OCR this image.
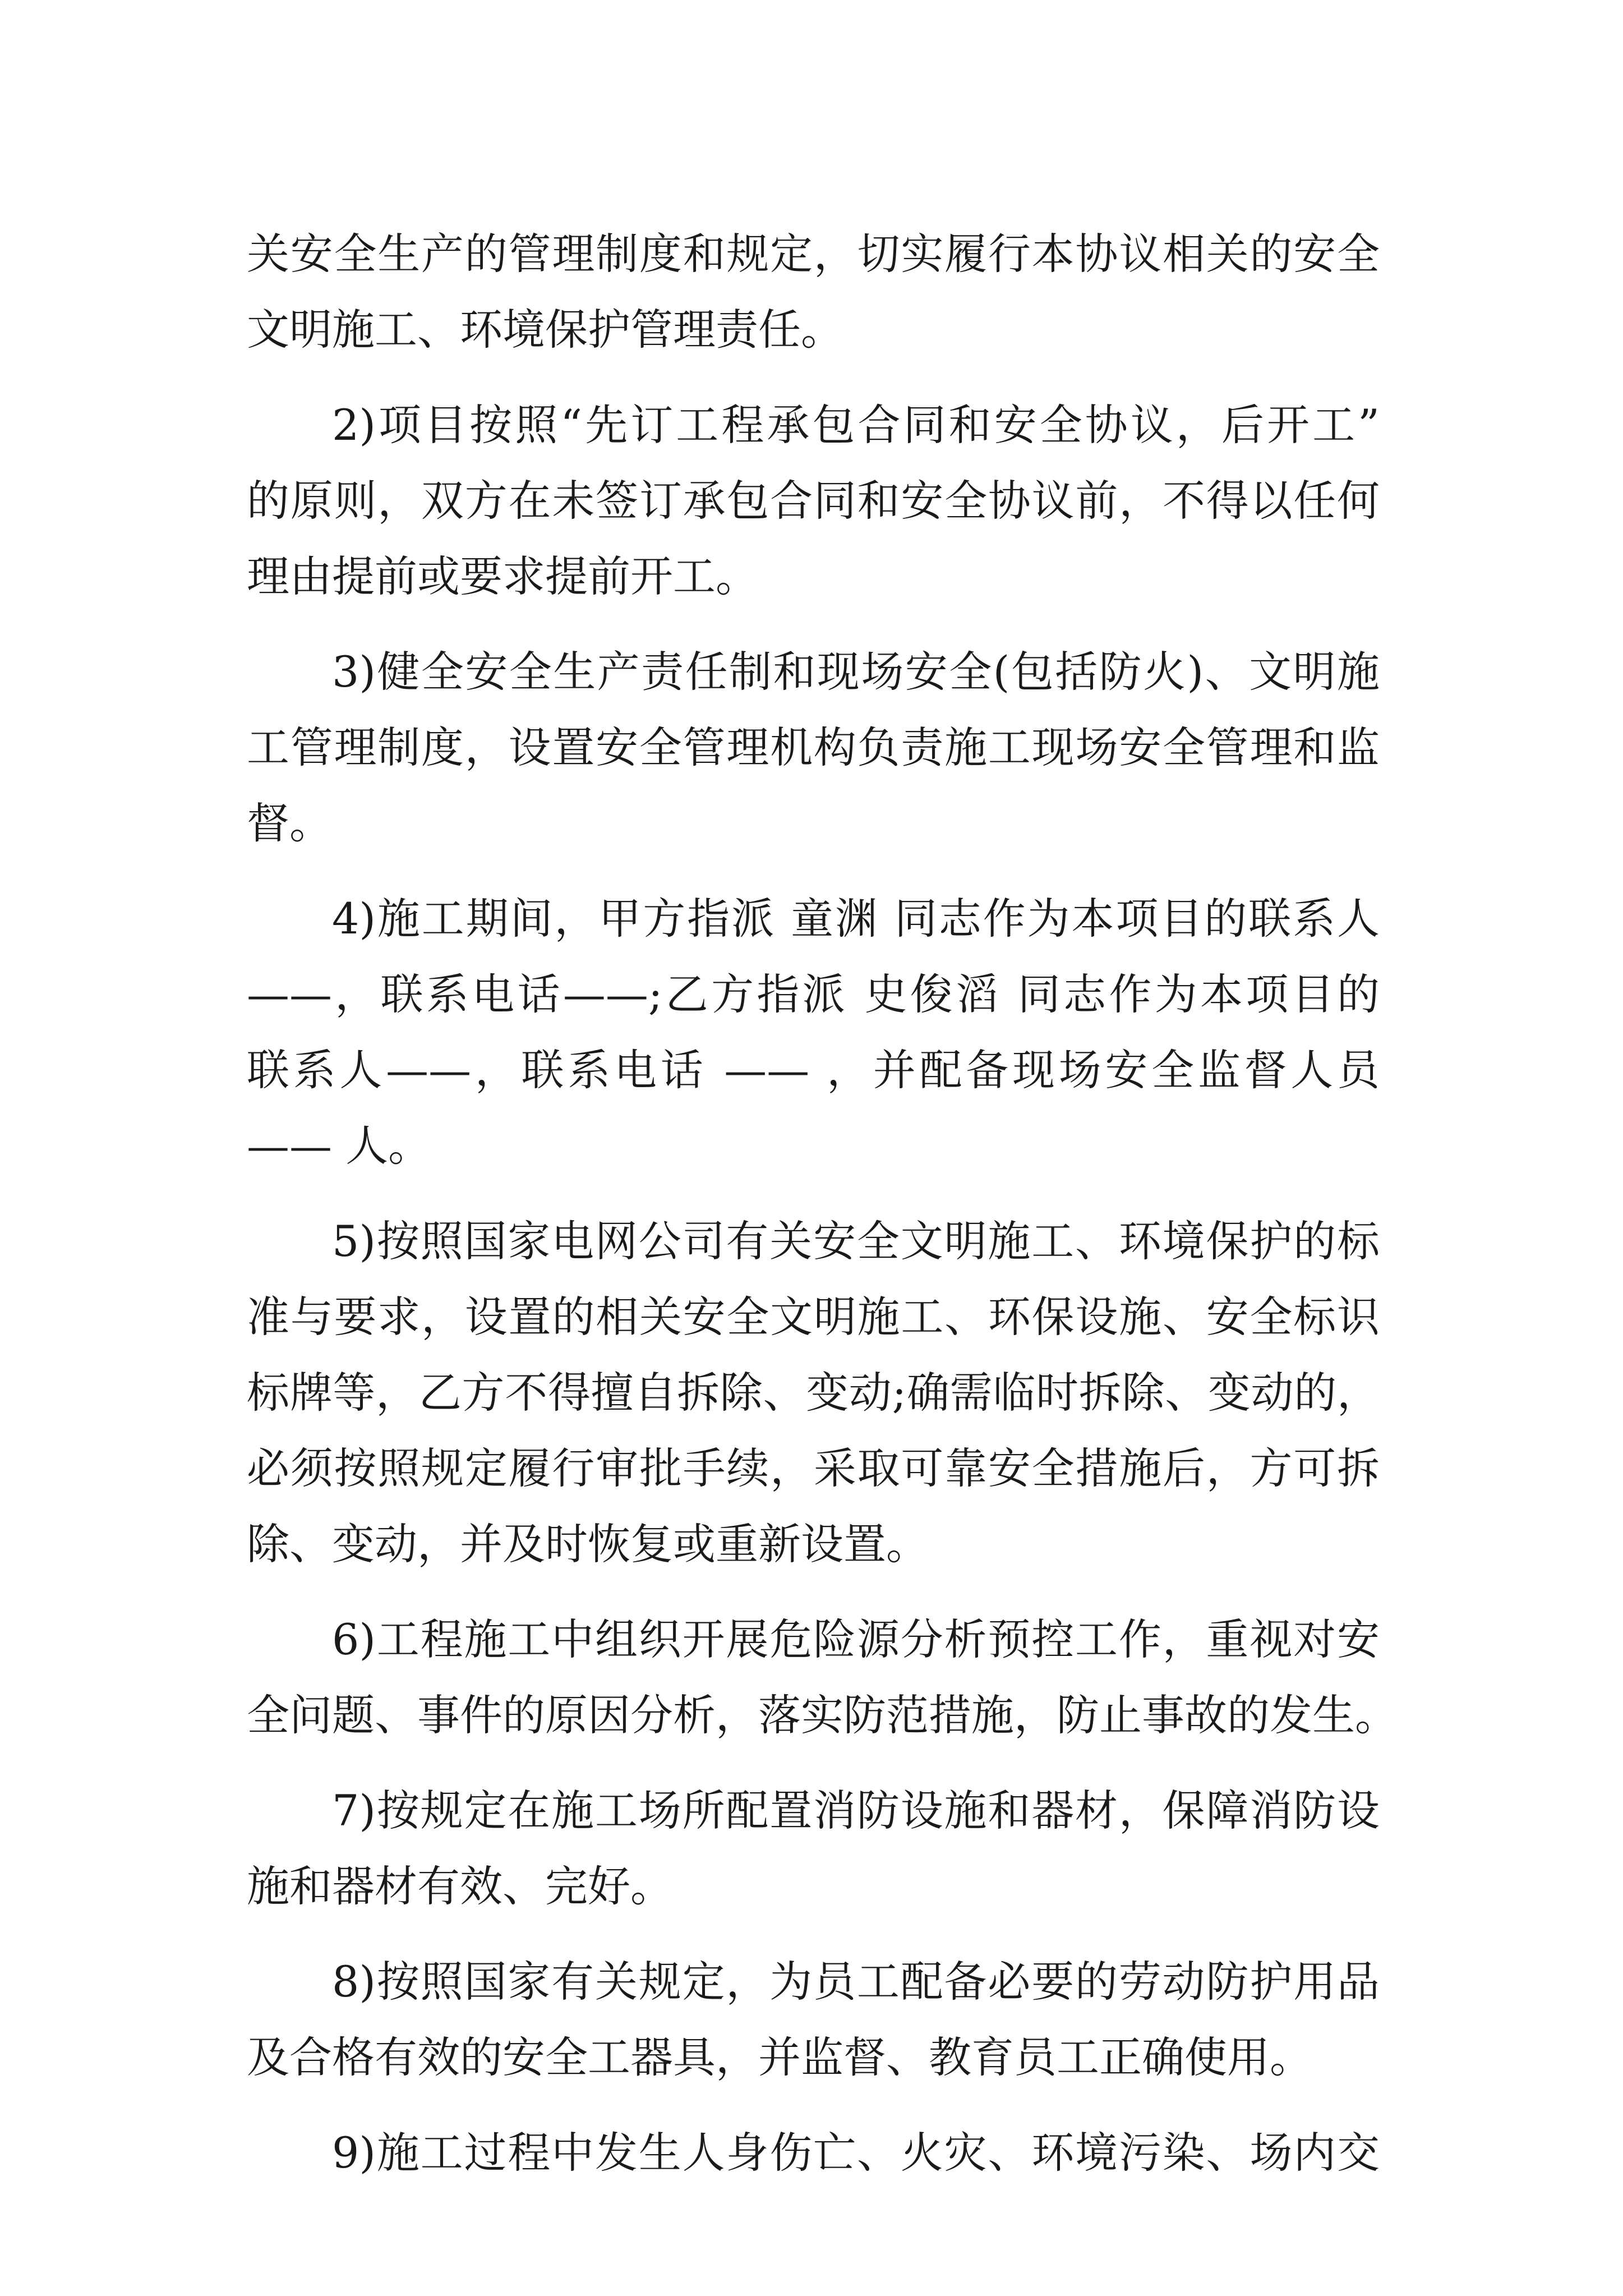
关安全生产的管理制度和规定，切实履行本协议相关的安全
文明施工、环境保护管理责任。
2)项目按照“先订工程承包合同和安全协议，后开工”
的原则，双方在未签订承包合同和安全协议前，不得以任何
理由提前或要求提前开工。
3)健全安全生产责任制和现场安全(包括防火)、文明施
工管理制度，设置安全管理机构负责施工现场安全管理和监
督。
4)施工期间，甲方指派 童渊 同志作为本项目的联系人
——，联系电话——;乙方指派 史俊滔 同志作为本项目的
联系人——，联系电话 —— ，并配备现场安全监督人员
—— 人。
5)按照国家电网公司有关安全文明施工、环境保护的标
准与要求，设置的相关安全文明施工、环保设施、安全标识
标牌等，乙方不得擅自拆除、变动;确需临时拆除、变动的，
必须按照规定履行审批手续，采取可靠安全措施后，方可拆
除、变动，并及时恢复或重新设置。
6)工程施工中组织开展危险源分析预控工作，重视对安
全问题、事件的原因分析，落实防范措施，防止事故的发生。
7)按规定在施工场所配置消防设施和器材，保障消防设
施和器材有效、完好。
8)按照国家有关规定，为员工配备必要的劳动防护用品
及合格有效的安全工器具，并监督、教育员工正确使用。
9)施工过程中发生人身伤亡、火灾、环境污染、场内交
